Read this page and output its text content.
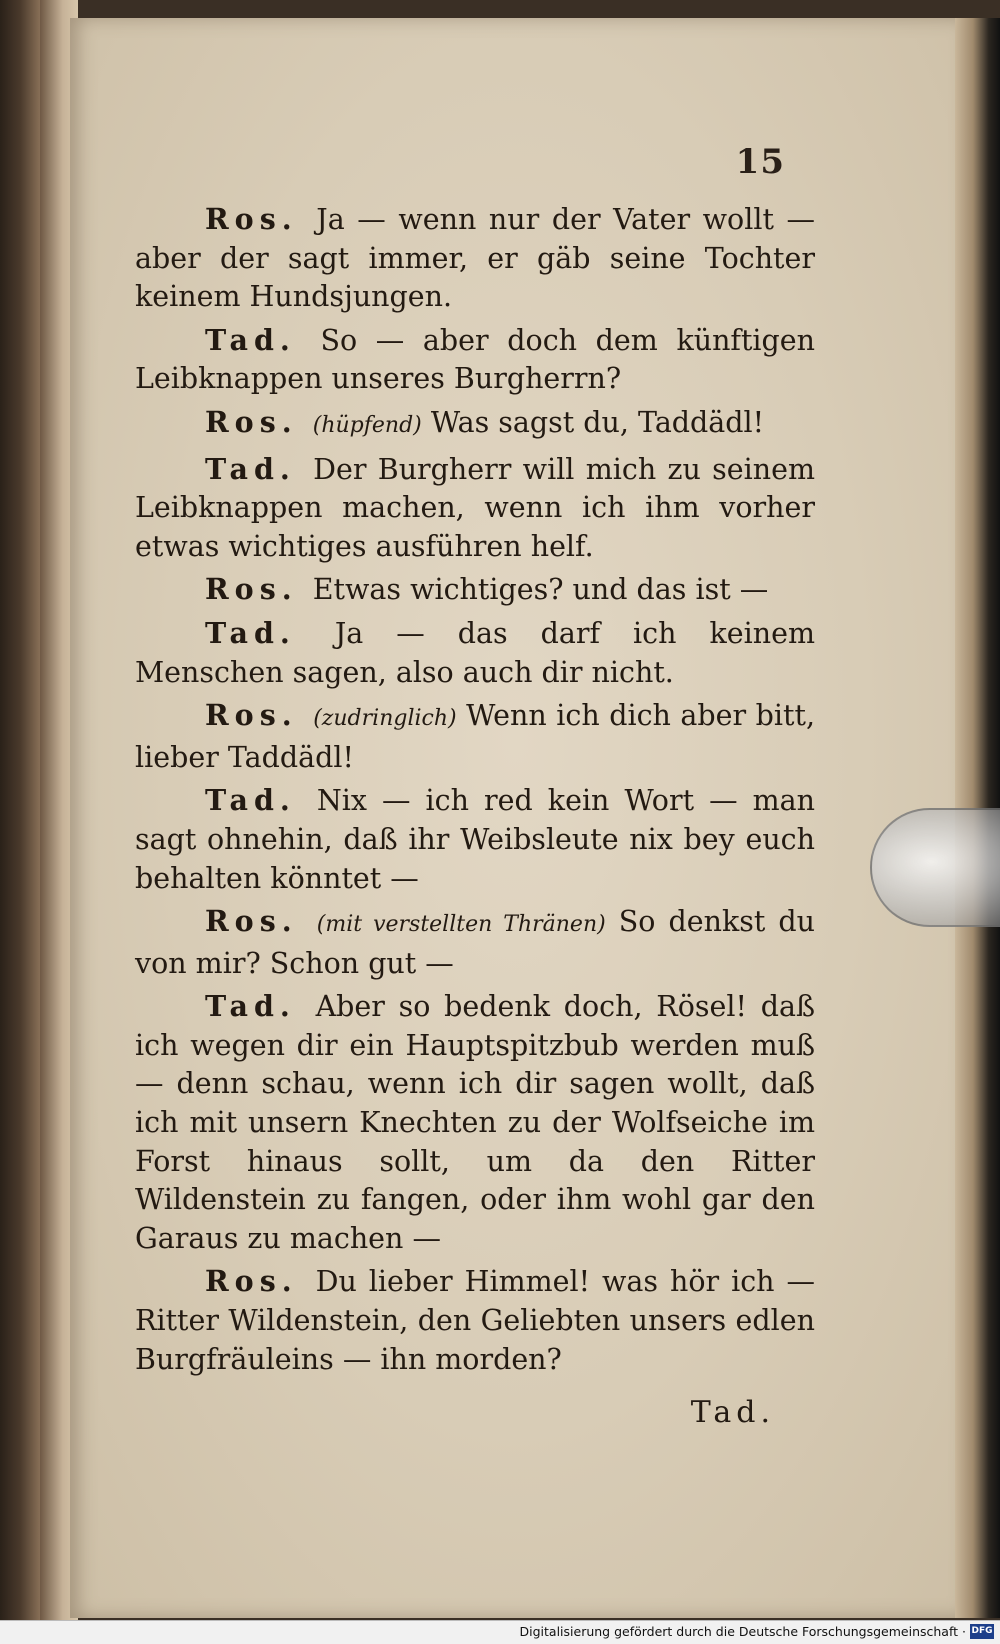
15

Ros. Ja — wenn nur der Vater wollt — aber der sagt immer, er gäb seine Tochter keinem Hundsjungen.

Tad. So — aber doch dem künftigen Leibknappen unseres Burgherrn?

Ros. (hüpfend) Was sagst du, Taddädl!

Tad. Der Burgherr will mich zu seinem Leibknappen machen, wenn ich ihm vorher etwas wichtiges ausführen helf.

Ros. Etwas wichtiges? und das ist —

Tad. Ja — das darf ich keinem Menschen sagen, also auch dir nicht.

Ros. (zudringlich) Wenn ich dich aber bitt, lieber Taddädl!

Tad. Nix — ich red kein Wort — man sagt ohnehin, daß ihr Weibsleute nix bey euch behalten könntet —

Ros. (mit verstellten Thränen) So denkst du von mir? Schon gut —

Tad. Aber so bedenk doch, Rösel! daß ich wegen dir ein Hauptspitzbub werden muß — denn schau, wenn ich dir sagen wollt, daß ich mit unsern Knechten zu der Wolfseiche im Forst hinaus sollt, um da den Ritter Wildenstein zu fangen, oder ihm wohl gar den Garaus zu machen —

Ros. Du lieber Himmel! was hör ich — Ritter Wildenstein, den Geliebten unsers edlen Burgfräuleins — ihn morden?

Tad.
Digitalisierung gefördert durch die Deutsche Forschungsgemeinschaft · DFG
